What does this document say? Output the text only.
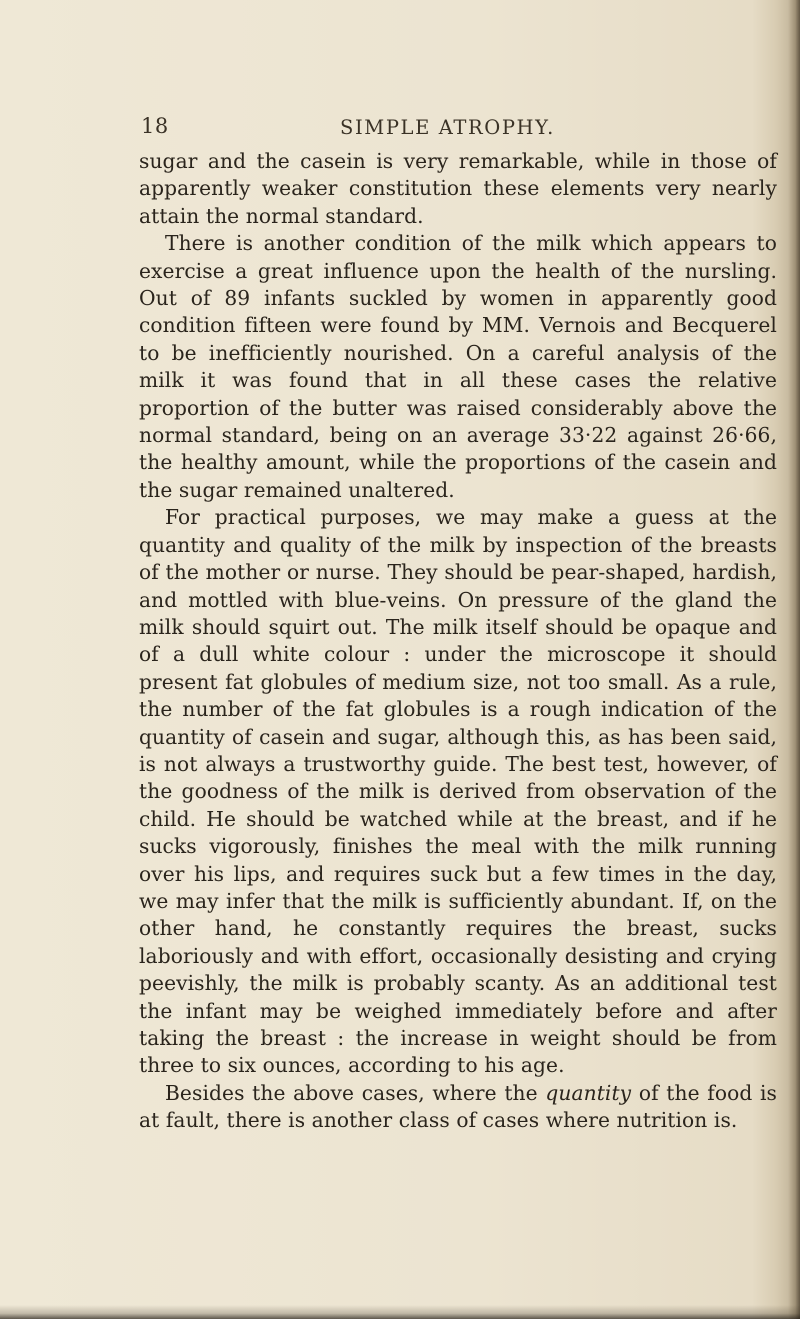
18	SIMPLE ATROPHY.

sugar and the casein is very remarkable, while in those of apparently weaker constitution these elements very nearly attain the normal standard.

There is another condition of the milk which appears to exercise a great influence upon the health of the nursling. Out of 89 infants suckled by women in apparently good condition fifteen were found by MM. Vernois and Becquerel to be inefficiently nourished. On a careful analysis of the milk it was found that in all these cases the relative proportion of the butter was raised considerably above the normal standard, being on an average 33·22 against 26·66, the healthy amount, while the proportions of the casein and the sugar remained unaltered.

For practical purposes, we may make a guess at the quantity and quality of the milk by inspection of the breasts of the mother or nurse. They should be pear-shaped, hardish, and mottled with blue-veins. On pressure of the gland the milk should squirt out. The milk itself should be opaque and of a dull white colour : under the microscope it should present fat globules of medium size, not too small. As a rule, the number of the fat globules is a rough indication of the quantity of casein and sugar, although this, as has been said, is not always a trustworthy guide. The best test, however, of the goodness of the milk is derived from observation of the child. He should be watched while at the breast, and if he sucks vigorously, finishes the meal with the milk running over his lips, and requires suck but a few times in the day, we may infer that the milk is sufficiently abundant. If, on the other hand, he constantly requires the breast, sucks laboriously and with effort, occasionally desisting and crying peevishly, the milk is probably scanty. As an additional test the infant may be weighed immediately before and after taking the breast : the increase in weight should be from three to six ounces, according to his age.

Besides the above cases, where the quantity of the food is at fault, there is another class of cases where nutrition is.
